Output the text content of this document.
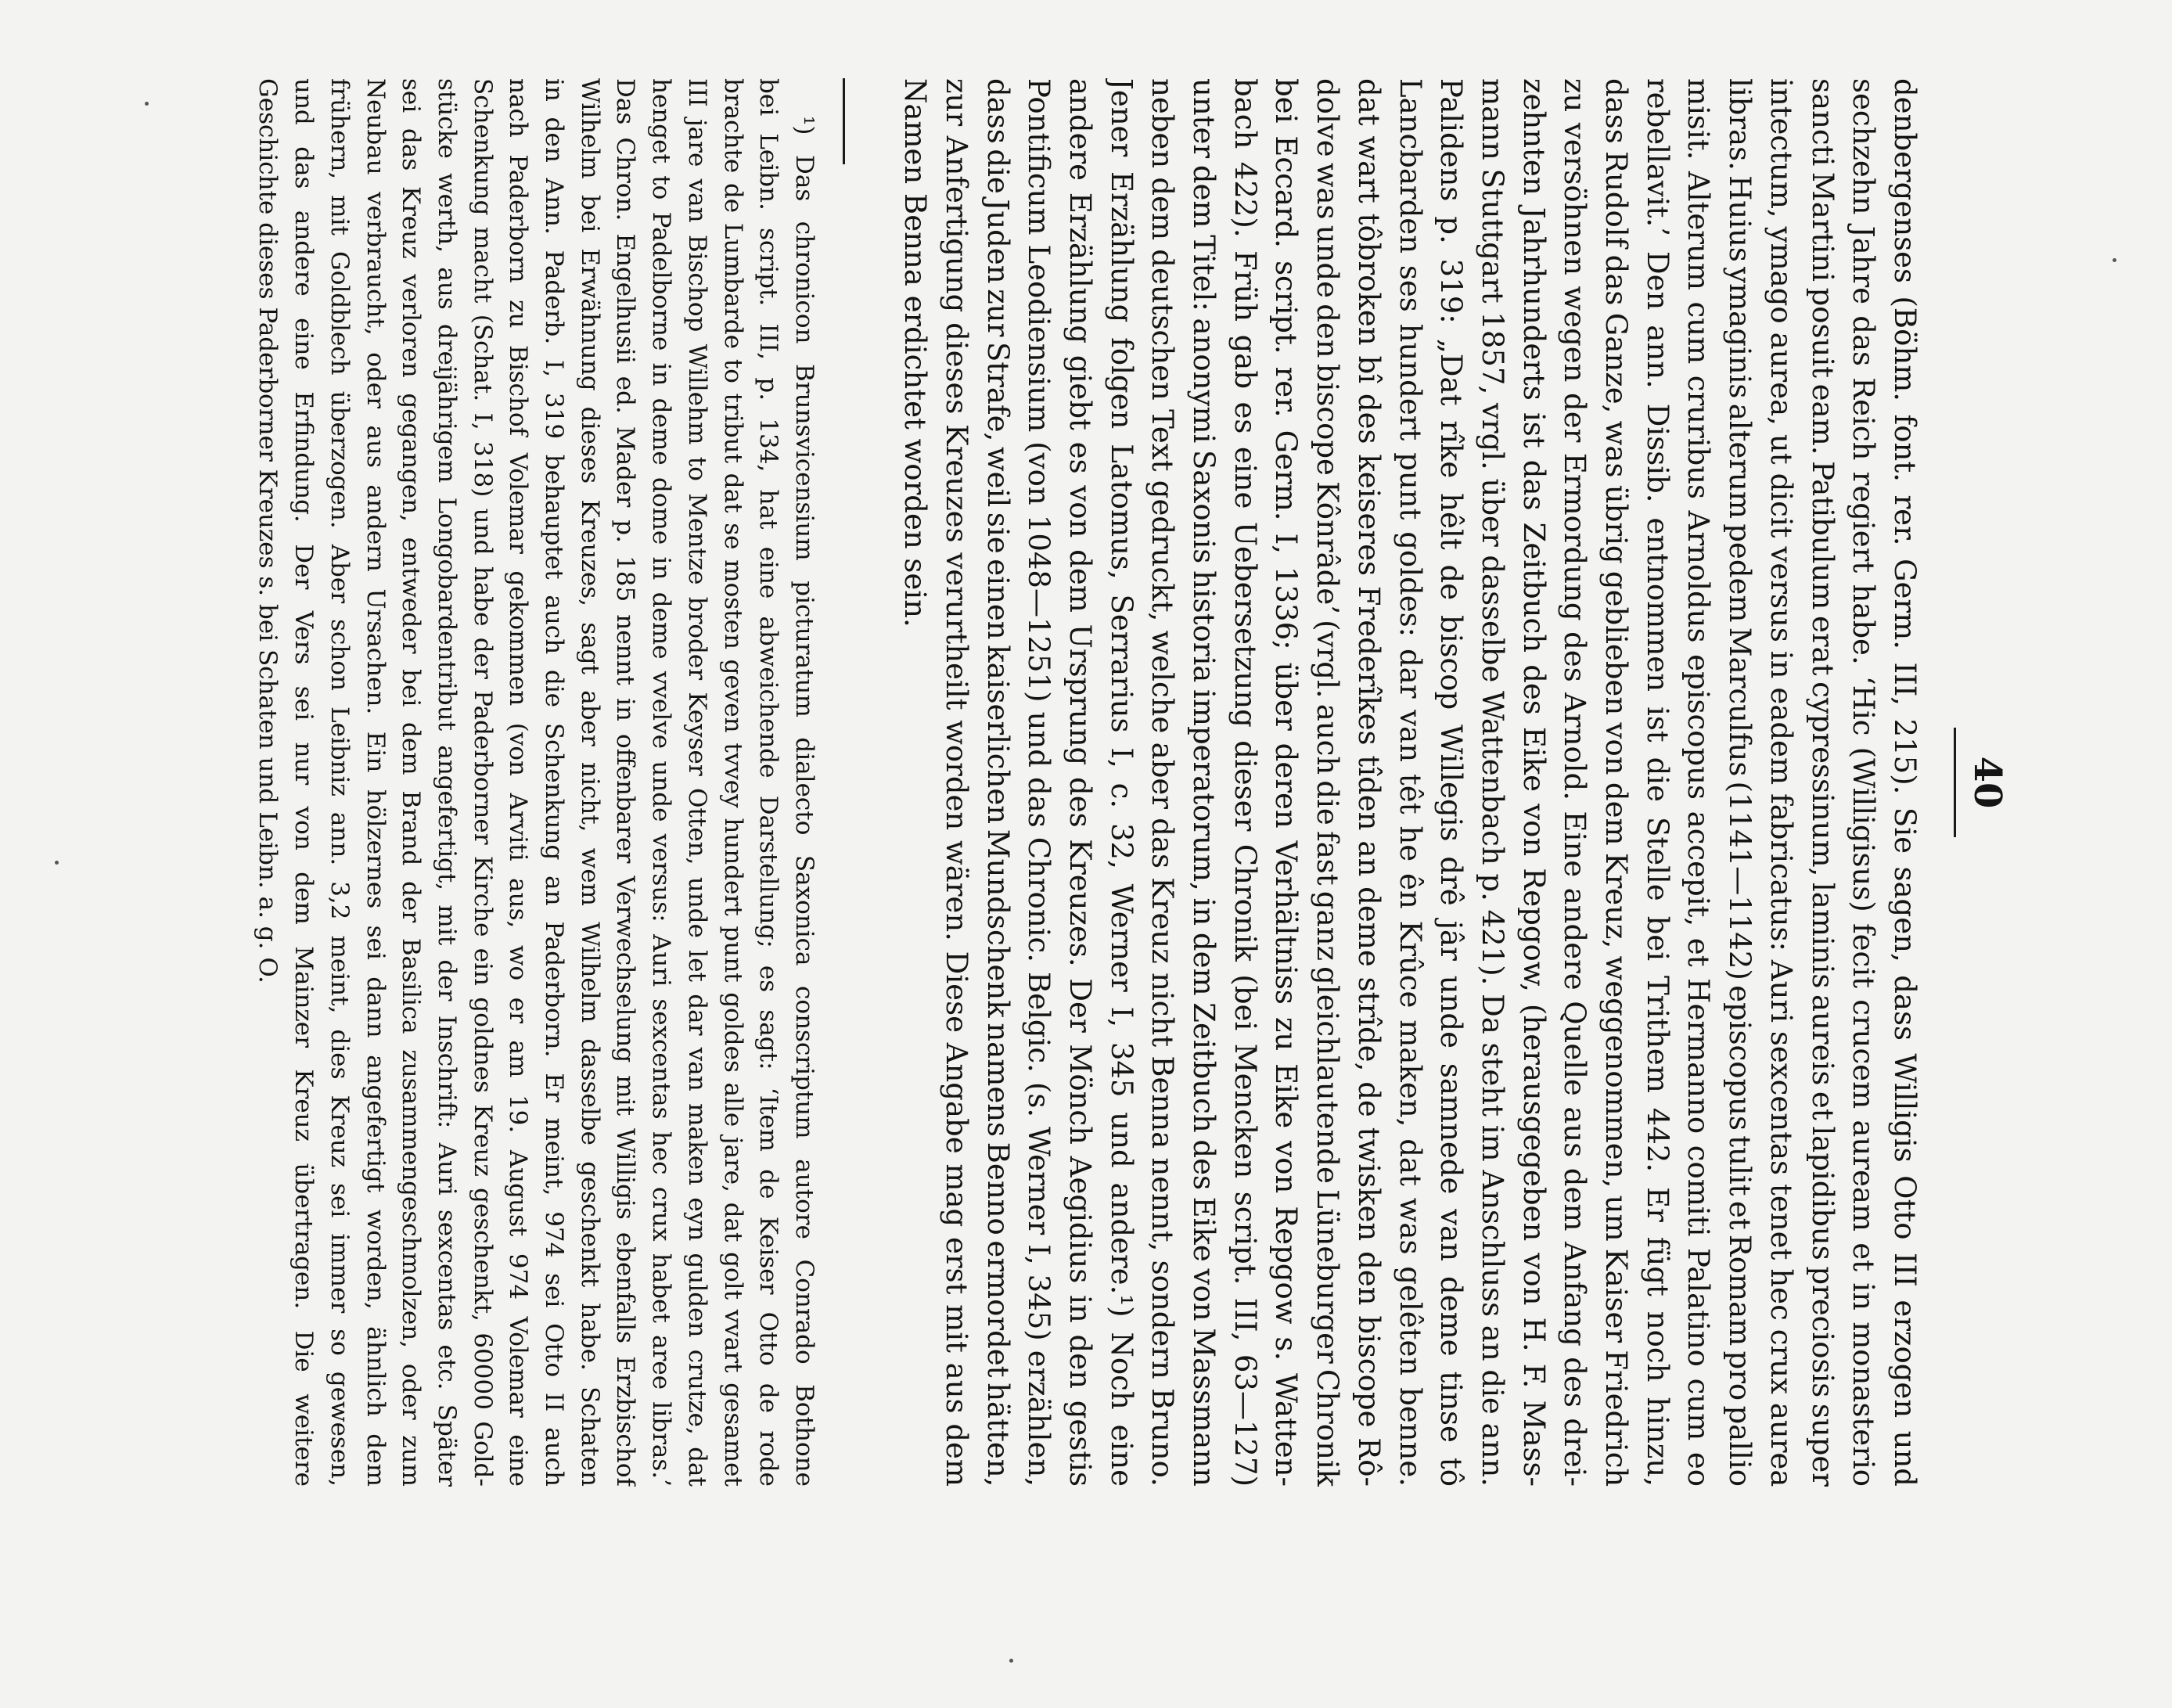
40
denbergenses (Böhm. font. rer. Germ. III, 215). Sie sagen, dass Willigis Otto III erzogen und
sechzehn Jahre das Reich regiert habe. ‘Hic (Willigisus) fecit crucem auream et in monasterio
sancti Martini posuit eam. Patibulum erat cypressinum, laminis aureis et lapidibus preciosis super
intectum, ymago aurea, ut dicit versus in eadem fabricatus: Auri sexcentas tenet hec crux aurea
libras. Huius ymaginis alterum pedem Marculfus (1141—1142) episcopus tulit et Romam pro pallio
misit. Alterum cum cruribus Arnoldus episcopus accepit, et Hermanno comiti Palatino cum eo
rebellavit.’ Den ann. Dissib. entnommen ist die Stelle bei Trithem 442. Er fügt noch hinzu,
dass Rudolf das Ganze, was übrig geblieben von dem Kreuz, weggenommen, um Kaiser Friedrich
zu versöhnen wegen der Ermordung des Arnold. Eine andere Quelle aus dem Anfang des drei-
zehnten Jahrhunderts ist das Zeitbuch des Eike von Repgow, (herausgegeben von H. F. Mass-
mann Stuttgart 1857, vrgl. über dasselbe Wattenbach p. 421). Da steht im Anschluss an die ann.
Palidens p. 319: „Dat rîke hêlt de biscop Willegis drê jâr unde samnede van deme tinse tô
Lancbarden ses hundert punt goldes: dar van têt he ên Krûce maken, dat was gelêten benne.
dat wart tôbroken bî des keiseres Frederîkes tîden an deme strîde, de twisken den biscope Rô-
dolve was unde den biscope Kônrâde’ (vrgl. auch die fast ganz gleichlautende Lüneburger Chronik
bei Eccard. script. rer. Germ. I, 1336; über deren Verhältniss zu Eike von Repgow s. Watten-
bach 422). Früh gab es eine Uebersetzung dieser Chronik (bei Mencken script. III, 63—127)
unter dem Titel: anonymi Saxonis historia imperatorum, in dem Zeitbuch des Eike von Massmann
neben dem deutschen Text gedruckt, welche aber das Kreuz nicht Benna nennt, sondern Bruno.
Jener Erzählung folgen Latomus, Serrarius I, c. 32, Werner I, 345 und andere.¹) Noch eine
andere Erzählung giebt es von dem Ursprung des Kreuzes. Der Mönch Aegidius in den gestis
Pontificum Leodiensium (von 1048—1251) und das Chronic. Belgic. (s. Werner I, 345) erzählen,
dass die Juden zur Strafe, weil sie einen kaiserlichen Mundschenk namens Benno ermordet hätten,
zur Anfertigung dieses Kreuzes verurtheilt worden wären. Diese Angabe mag erst mit aus dem
Namen Benna erdichtet worden sein.
¹) Das chronicon Brunsvicensium picturatum dialecto Saxonica conscriptum autore Conrado Bothone
bei Leibn. script. III, p. 134, hat eine abweichende Darstellung; es sagt: ‘Item de Keiser Otto de rode
brachte de Lumbarde to tribut dat se mosten geven tvvey hundert punt goldes alle jare, dat golt vvart gesamet
III jare van Bischop Willehm to Mentze broder Keyser Otten, unde let dar van maken eyn gulden crutze, dat
henget to Padelborne in deme dome in deme vvelve unde versus: Auri sexcentas hec crux habet aree libras.’
Das Chron. Engelhusii ed. Mader p. 185 nennt in offenbarer Verwechselung mit Willigis ebenfalls Erzbischof
Wilhelm bei Erwähnung dieses Kreuzes, sagt aber nicht, wem Wilhelm dasselbe geschenkt habe. Schaten
in den Ann. Paderb. I, 319 behauptet auch die Schenkung an Paderborn. Er meint, 974 sei Otto II auch
nach Paderborn zu Bischof Volemar gekommen (von Arviti aus, wo er am 19. August 974 Volemar eine
Schenkung macht (Schat. I, 318) und habe der Paderborner Kirche ein goldnes Kreuz geschenkt, 60000 Gold-
stücke werth, aus dreijährigem Longobardentribut angefertigt, mit der Inschrift: Auri sexcentas etc. Später
sei das Kreuz verloren gegangen, entweder bei dem Brand der Basilica zusammengeschmolzen, oder zum
Neubau verbraucht, oder aus andern Ursachen. Ein hölzernes sei dann angefertigt worden, ähnlich dem
frühern, mit Goldblech überzogen. Aber schon Leibniz ann. 3,2 meint, dies Kreuz sei immer so gewesen,
und das andere eine Erfindung. Der Vers sei nur von dem Mainzer Kreuz übertragen. Die weitere
Geschichte dieses Paderborner Kreuzes s. bei Schaten und Leibn. a. g. O.
